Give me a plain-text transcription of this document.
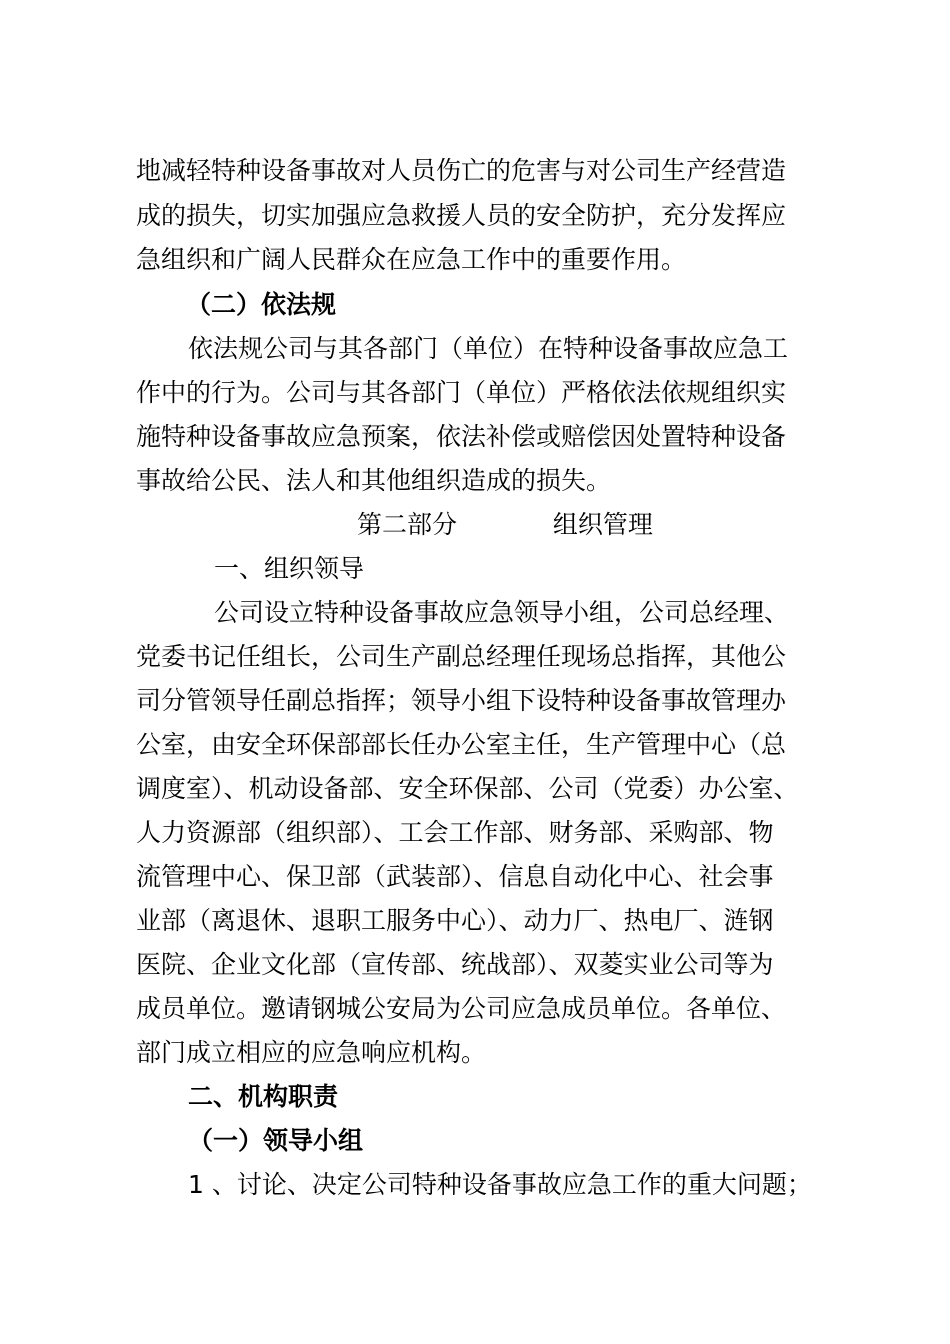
地减轻特种设备事故对人员伤亡的危害与对公司生产经营造
成的损失，切实加强应急救援人员的安全防护，充分发挥应
急组织和广阔人民群众在应急工作中的重要作用。
（二）依法规
依法规公司与其各部门（单位）在特种设备事故应急工
作中的行为。公司与其各部门（单位）严格依法依规组织实
施特种设备事故应急预案，依法补偿或赔偿因处置特种设备
事故给公民、法人和其他组织造成的损失。
第二部分	组织管理
一、组织领导
公司设立特种设备事故应急领导小组，公司总经理、
党委书记任组长，公司生产副总经理任现场总指挥，其他公
司分管领导任副总指挥；领导小组下设特种设备事故管理办
公室，由安全环保部部长任办公室主任，生产管理中心（总
调度室）、机动设备部、安全环保部、公司（党委）办公室、
人力资源部（组织部）、工会工作部、财务部、采购部、物
流管理中心、保卫部（武装部）、信息自动化中心、社会事
业部（离退休、退职工服务中心）、动力厂、热电厂、涟钢
医院、企业文化部（宣传部、统战部）、双菱实业公司等为
成员单位。邀请钢城公安局为公司应急成员单位。各单位、
部门成立相应的应急响应机构。
二、机构职责
（一）领导小组
1 、讨论、决定公司特种设备事故应急工作的重大问题；
